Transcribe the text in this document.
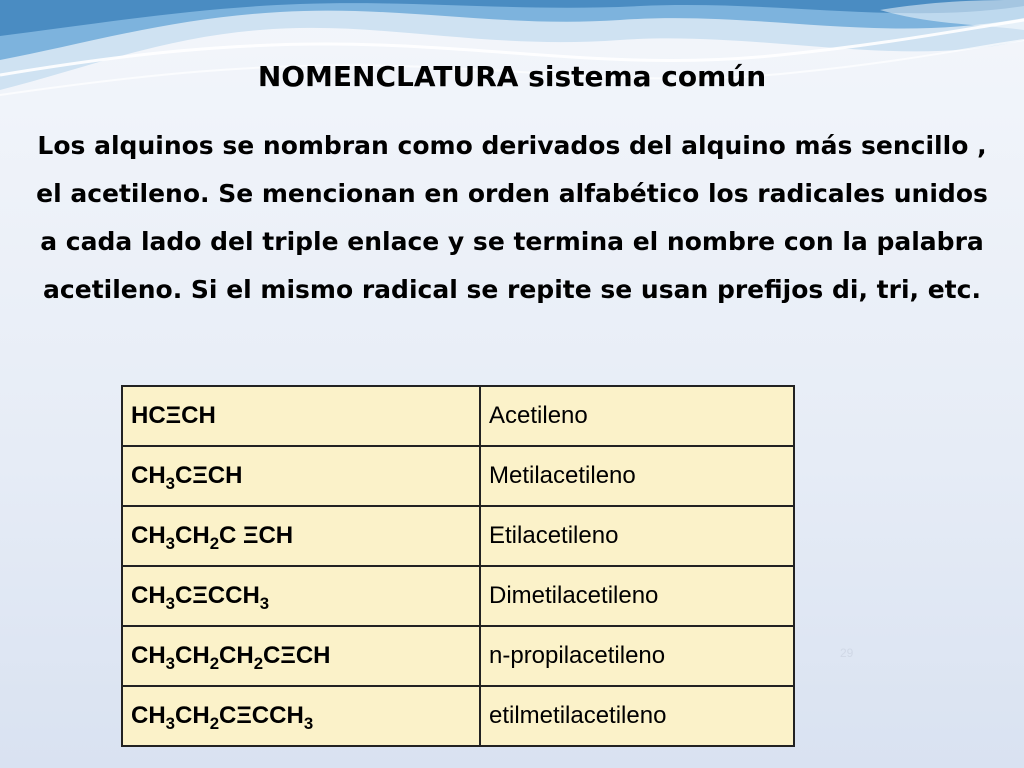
NOMENCLATURA sistema común

Los alquinos se nombran como derivados del alquino más sencillo , el acetileno. Se mencionan en orden alfabético los radicales unidos a cada lado del triple enlace y se termina el nombre con la palabra acetileno. Si el mismo radical se repite se usan prefijos di, tri, etc.

HCΞCH	Acetileno
$CH_3C\Xi CH$	Metilacetileno
$CH_3CH_2C$ ΞCH	Etilacetileno
$CH_3C\Xi CCH_3$	Dimetilacetileno
$CH_3CH_2CH_2C\Xi CH$	n-propilacetileno
$CH_3CH_2C\Xi CCH_3$	etilmetilacetileno
29
